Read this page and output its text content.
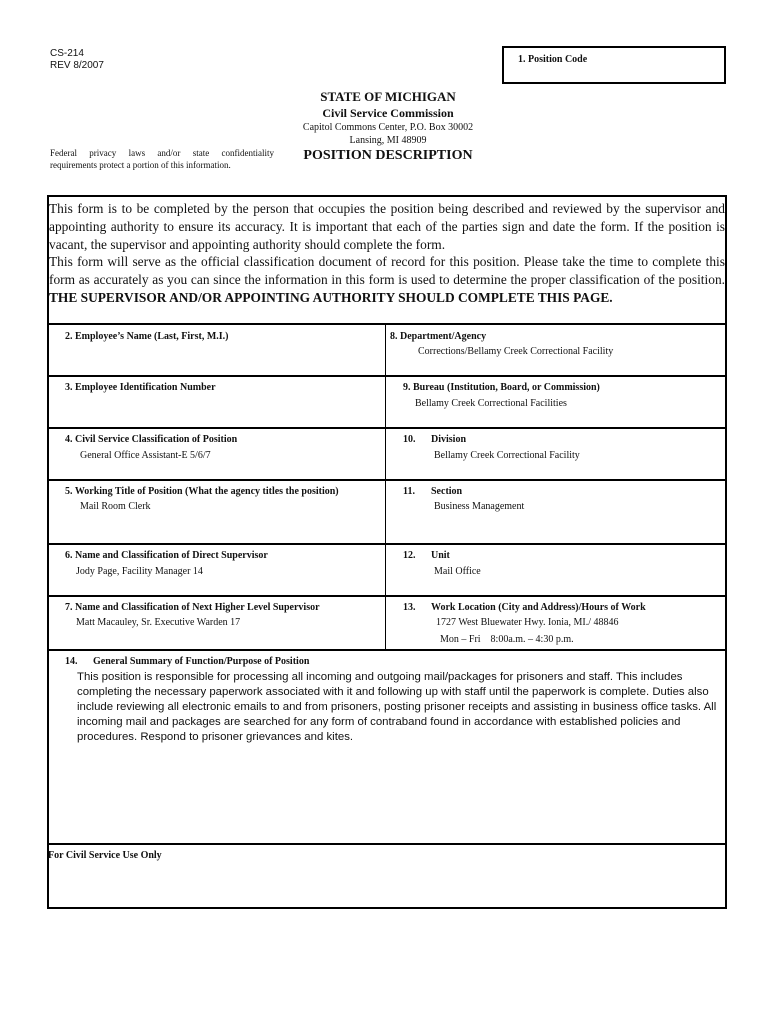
CS-214
REV 8/2007
1. Position Code
STATE OF MICHIGAN
Civil Service Commission
Capitol Commons Center, P.O. Box 30002
Lansing, MI 48909
POSITION DESCRIPTION
Federal privacy laws and/or state confidentiality
requirements protect a portion of this information.

This form is to be completed by the person that occupies the position being described and reviewed by the supervisor and appointing authority to ensure its accuracy. It is important that each of the parties sign and date the form. If the position is vacant, the supervisor and appointing authority should complete the form.

This form will serve as the official classification document of record for this position. Please take the time to complete this form as accurately as you can since the information in this form is used to determine the proper classification of the position. THE SUPERVISOR AND/OR APPOINTING AUTHORITY SHOULD COMPLETE THIS PAGE.

2. Employee’s Name (Last, First, M.I.)	8. Department/Agency
Corrections/Bellamy Creek Correctional Facility
3. Employee Identification Number	9. Bureau (Institution, Board, or Commission)
Bellamy Creek Correctional Facilities
4. Civil Service Classification of Position
General Office Assistant-E 5/6/7
10. Division
Bellamy Creek Correctional Facility
5. Working Title of Position (What the agency titles the position)
Mail Room Clerk
11. Section
Business Management
6. Name and Classification of Direct Supervisor
Jody Page, Facility Manager 14
12. Unit
Mail Office
7. Name and Classification of Next Higher Level Supervisor
Matt Macauley, Sr. Executive Warden 17
13. Work Location (City and Address)/Hours of Work
1727 West Bluewater Hwy. Ionia, MI./ 48846
Mon – Fri    8:00a.m. – 4:30 p.m.
14. General Summary of Function/Purpose of Position
This position is responsible for processing all incoming and outgoing mail/packages for prisoners and staff. This includes completing the necessary paperwork associated with it and following up with staff until the paperwork is complete. Duties also include reviewing all electronic emails to and from prisoners, posting prisoner receipts and assisting in business office tasks. All incoming mail and packages are searched for any form of contraband found in accordance with established policies and procedures. Respond to prisoner grievances and kites.
For Civil Service Use Only
